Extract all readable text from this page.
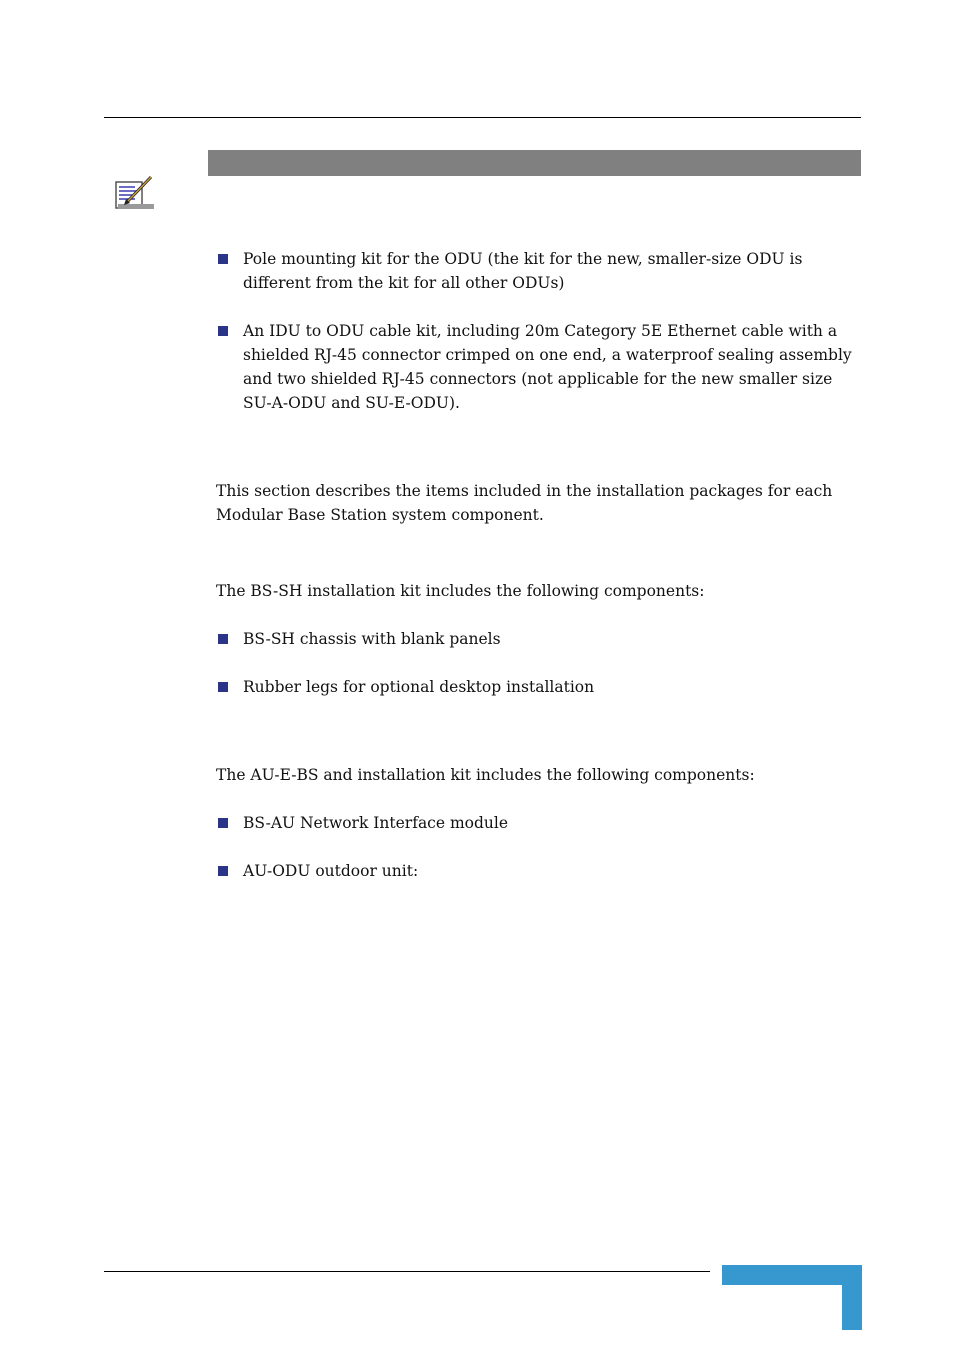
Pole mounting kit for the ODU (the kit for the new, smaller-size ODU is different from the kit for all other ODUs)
An IDU to ODU cable kit, including 20m Category 5E Ethernet cable with a shielded RJ-45 connector crimped on one end, a waterproof sealing assembly and two shielded RJ-45 connectors (not applicable for the new smaller size SU-A-ODU and SU-E-ODU).

This section describes the items included in the installation packages for each Modular Base Station system component.

The BS-SH installation kit includes the following components:

BS-SH chassis with blank panels
Rubber legs for optional desktop installation

The AU-E-BS and installation kit includes the following components:

BS-AU Network Interface module
AU-ODU outdoor unit:
